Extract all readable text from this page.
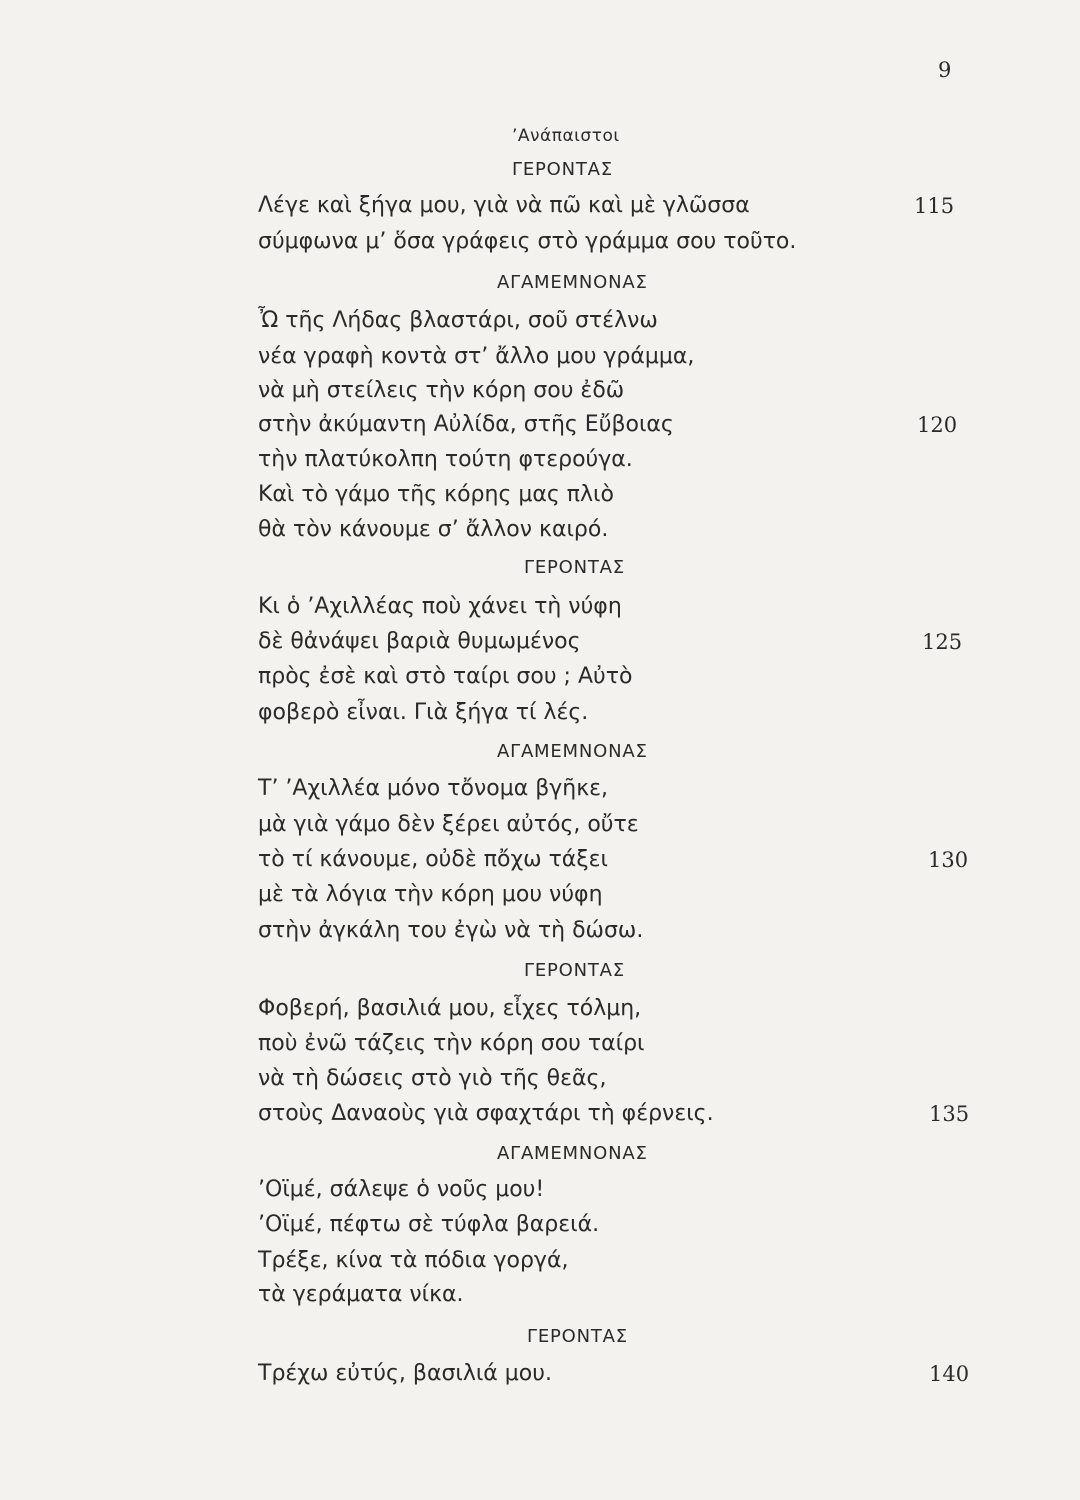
9
’Ανάπαιστοι
ΓΕΡΟΝΤΑΣ
Λέγε καὶ ξήγα μου, γιὰ νὰ πῶ καὶ μὲ γλῶσσα	115
σύμφωνα μ’ ὅσα γράφεις στὸ γράμμα σου τοῦτο.
ΑΓΑΜΕΜΝΟΝΑΣ
Ὦ τῆς Λήδας βλαστάρι, σοῦ στέλνω
νέα γραφὴ κοντὰ στ’ ἄλλο μου γράμμα,
νὰ μὴ στείλεις τὴν κόρη σου ἐδῶ
στὴν ἀκύμαντη Αὐλίδα, στῆς Εὔβοιας	120
τὴν πλατύκολπη τούτη φτερούγα.
Καὶ τὸ γάμο τῆς κόρης μας πλιὸ
θὰ τὸν κάνουμε σ’ ἄλλον καιρό.
ΓΕΡΟΝΤΑΣ
Κι ὁ ’Αχιλλέας ποὺ χάνει τὴ νύφη
δὲ θἀνάψει βαριὰ θυμωμένος	125
πρὸς ἐσὲ καὶ στὸ ταίρι σου ; Αὐτὸ
φοβερὸ εἶναι. Γιὰ ξήγα τί λές.
ΑΓΑΜΕΜΝΟΝΑΣ
Τ’ ’Αχιλλέα μόνο τὄνομα βγῆκε,
μὰ γιὰ γάμο δὲν ξέρει αὐτός, οὔτε
τὸ τί κάνουμε, οὐδὲ πὄχω τάξει	130
μὲ τὰ λόγια τὴν κόρη μου νύφη
στὴν ἀγκάλη του ἐγὼ νὰ τὴ δώσω.
ΓΕΡΟΝΤΑΣ
Φοβερή, βασιλιά μου, εἶχες τόλμη,
ποὺ ἐνῶ τάζεις τὴν κόρη σου ταίρι
νὰ τὴ δώσεις στὸ γιὸ τῆς θεᾶς,
στοὺς Δαναοὺς γιὰ σφαχτάρι τὴ φέρνεις.	135
ΑΓΑΜΕΜΝΟΝΑΣ
’Οϊμέ, σάλεψε ὁ νοῦς μου!
’Οϊμέ, πέφτω σὲ τύφλα βαρειά.
Τρέξε, κίνα τὰ πόδια γοργά,
τὰ γεράματα νίκα.
ΓΕΡΟΝΤΑΣ
Τρέχω εὐτύς, βασιλιά μου.	140
